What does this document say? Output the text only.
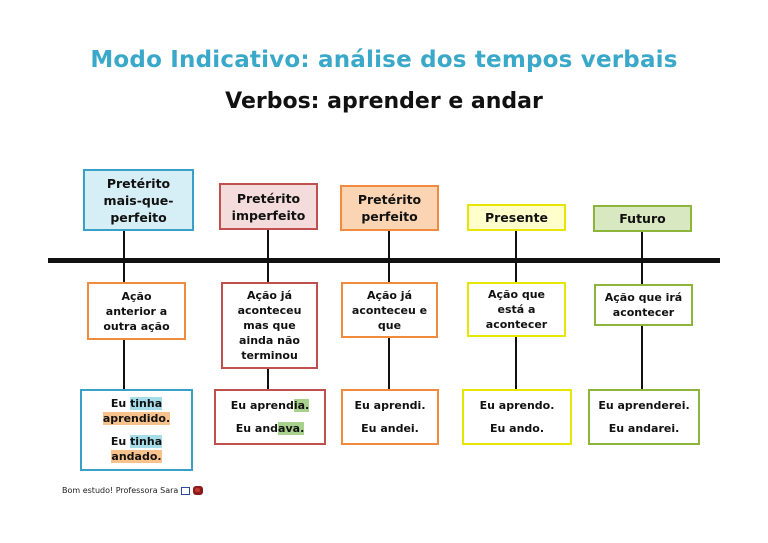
Modo Indicativo: análise dos tempos verbais
Verbos: aprender e andar
Pretérito
mais-que-
perfeito
Ação
anterior a
outra ação

Eu tinha
aprendido.

Eu tinha
andado.

Pretérito
imperfeito
Ação já
aconteceu
mas que
ainda não
terminou

Eu aprendia.

Eu andava.

Pretérito
perfeito
Ação já
aconteceu e
que

Eu aprendi.

Eu andei.

Presente
Ação que
está a
acontecer

Eu aprendo.

Eu ando.

Futuro
Ação que irá
acontecer

Eu aprenderei.

Eu andarei.

Bom estudo! Professora Sara
